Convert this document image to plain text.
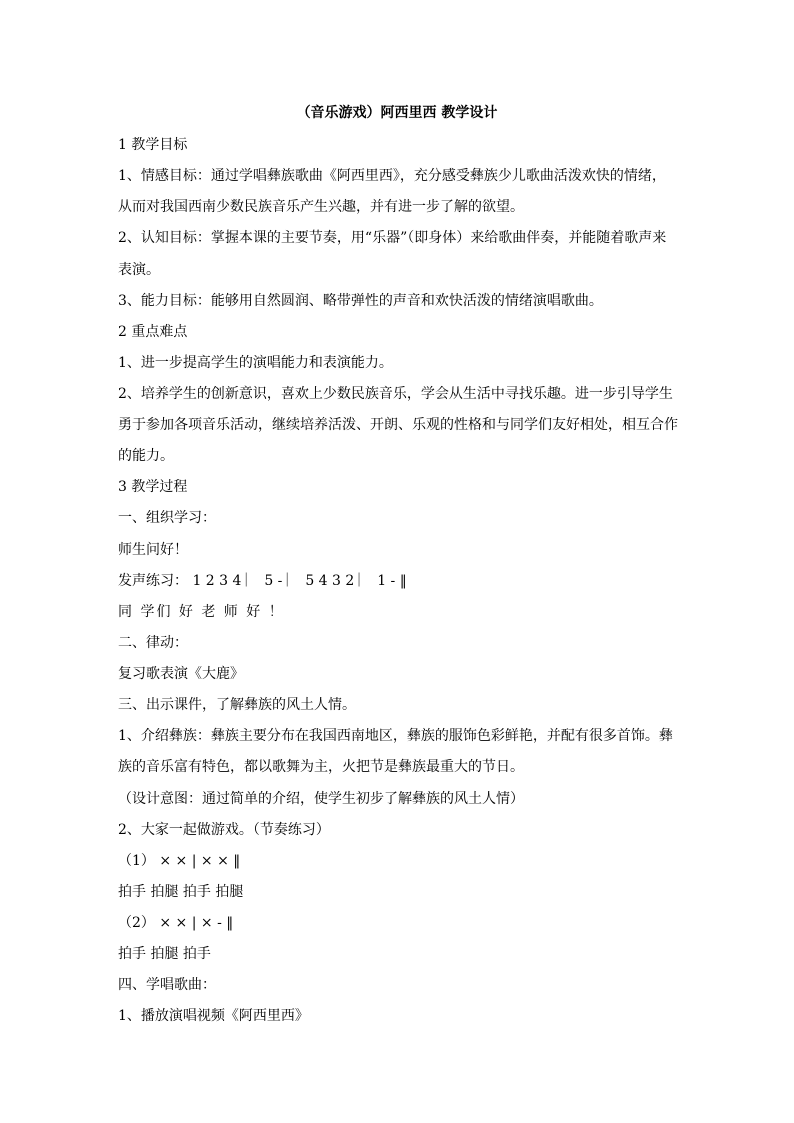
（音乐游戏）阿西里西 教学设计
1 教学目标
1、情感目标：通过学唱彝族歌曲《阿西里西》，充分感受彝族少儿歌曲活泼欢快的情绪，
从而对我国西南少数民族音乐产生兴趣，并有进一步了解的欲望。
2、认知目标：掌握本课的主要节奏，用“乐器”（即身体）来给歌曲伴奏，并能随着歌声来
表演。
3、能力目标：能够用自然圆润、略带弹性的声音和欢快活泼的情绪演唱歌曲。
2 重点难点
1、进一步提高学生的演唱能力和表演能力。
2、培养学生的创新意识，喜欢上少数民族音乐，学会从生活中寻找乐趣。进一步引导学生
勇于参加各项音乐活动，继续培养活泼、开朗、乐观的性格和与同学们友好相处，相互合作
的能力。
3 教学过程
一、组织学习：
师生问好！
发声练习： 1 2 3 4 ︳ 5 - ︳ 5 4 3 2 ︳ 1 - ‖
同 学们 好 老 师 好 ！
二、律动：
复习歌表演《大鹿》
三、出示课件，了解彝族的风土人情。
1、介绍彝族：彝族主要分布在我国西南地区，彝族的服饰色彩鲜艳，并配有很多首饰。彝
族的音乐富有特色，都以歌舞为主，火把节是彝族最重大的节日。
（设计意图：通过简单的介绍，使学生初步了解彝族的风土人情）
2、大家一起做游戏。（节奏练习）
（1） × × | × × ‖
拍手 拍腿 拍手 拍腿
（2） × × | × - ‖
拍手 拍腿 拍手
四、学唱歌曲：
1、播放演唱视频《阿西里西》
